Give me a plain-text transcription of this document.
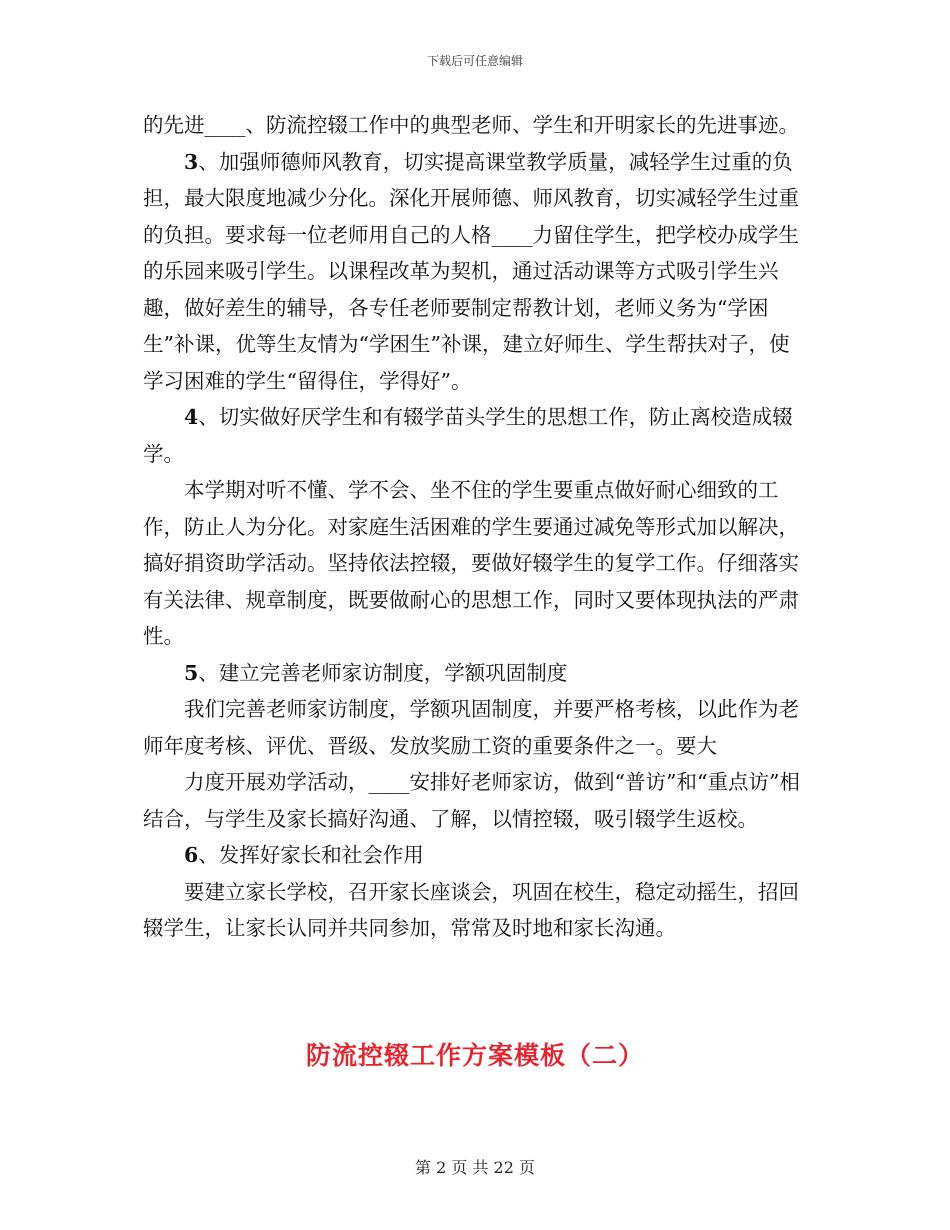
下载后可任意编辑

的先进____、防流控辍工作中的典型老师、学生和开明家长的先进事迹。

3、加强师德师风教育，切实提高课堂教学质量，减轻学生过重的负担，最大限度地减少分化。深化开展师德、师风教育，切实减轻学生过重的负担。要求每一位老师用自己的人格____力留住学生，把学校办成学生的乐园来吸引学生。以课程改革为契机，通过活动课等方式吸引学生兴趣，做好差生的辅导，各专任老师要制定帮教计划，老师义务为“学困生”补课，优等生友情为“学困生”补课，建立好师生、学生帮扶对子，使学习困难的学生“留得住，学得好”。

4、切实做好厌学生和有辍学苗头学生的思想工作，防止离校造成辍学。

本学期对听不懂、学不会、坐不住的学生要重点做好耐心细致的工作，防止人为分化。对家庭生活困难的学生要通过减免等形式加以解决，搞好捐资助学活动。坚持依法控辍，要做好辍学生的复学工作。仔细落实有关法律、规章制度，既要做耐心的思想工作，同时又要体现执法的严肃性。

5、建立完善老师家访制度，学额巩固制度

我们完善老师家访制度，学额巩固制度，并要严格考核，以此作为老师年度考核、评优、晋级、发放奖励工资的重要条件之一。要大

力度开展劝学活动，____安排好老师家访，做到“普访”和“重点访”相结合，与学生及家长搞好沟通、了解，以情控辍，吸引辍学生返校。

6、发挥好家长和社会作用

要建立家长学校，召开家长座谈会，巩固在校生，稳定动摇生，招回辍学生，让家长认同并共同参加，常常及时地和家长沟通。

防流控辍工作方案模板（二）
第 2 页 共 22 页
